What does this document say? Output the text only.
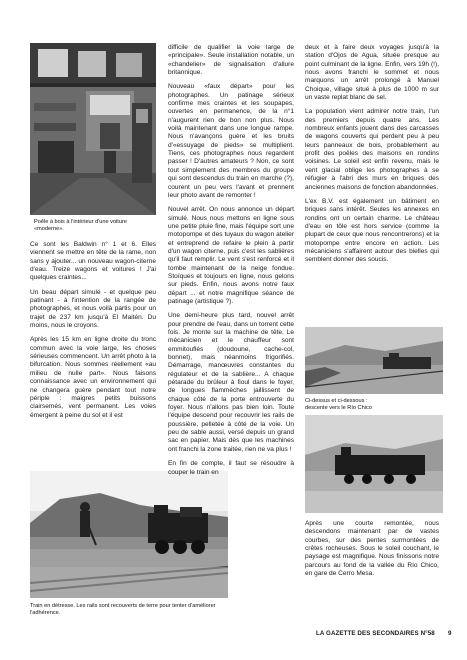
Poêle à bois à l'intérieur d'une voiture «moderne».

Ce sont les Baldwin n° 1 et 6. Elles viennent se mettre en tête de la rame, non sans y ajouter... un nouveau wagon-citerne d'eau. Treize wagons et voitures ! J'ai quelques craintes...

Un beau départ simulé - et quelque peu patinant - à l'intention de la rangée de photographes, et nous voilà partis pour un trajet de 237 km jusqu'à El Maitén. Du moins, nous le croyons.

Après les 15 km en ligne droite du tronc commun avec la voie large, les choses sérieuses commencent. Un arrêt photo à la bifurcation. Nous sommes réellement «au milieu de nulle part». Nous faisons connaissance avec un environnement qui ne changera guère pendant tout notre périple : maigres petits buissons clairsemés, vent permanent. Les voies émergent à peine du sol et il est

Train en détresse. Les rails sont recouverts de terre pour tenter d'améliorer l'adhérence.

difficile de qualifier la voie large de «principale». Seule installation notable, un «chandelier» de signalisation d'allure britannique.

Nouveau «faux départ» pour les photographes. Un patinage sérieux confirme mes craintes et les soupapes, ouvertes en permanence, de la n°1 n'augurent rien de bon non plus. Nous voilà maintenant dans une longue rampe. Nous n'avançons guère et les bruits d'«essuyage de pieds» se multiplient. Tiens, ces photographes nous regardent passer ! D'autres amateurs ? Non, ce sont tout simplement des membres du groupe qui sont descendus du train en marche (?), courent un peu vers l'avant et prennent leur photo avant de remonter !

Nouvel arrêt. On nous annonce un départ simulé. Nous nous mettons en ligne sous une petite pluie fine, mais l'équipe sort une motopompe et des tuyaux du wagon atelier et entreprend de refaire le plein à partir d'un wagon citerne, puis c'est les sablières qu'il faut remplir. Le vent s'est renforcé et il tombe maintenant de la neige fondue. Stoïques et toujours en ligne, nous gelons sur pieds. Enfin, nous avons notre faux départ ... et notre magnifique séance de patinage (artistique ?).

Une demi-heure plus tard, nouvel arrêt pour prendre de l'eau, dans un torrent cette fois. Je monte sur la machine de tête. Le mécanicien et le chauffeur sont emmitouflés (doudoune, cache-col, bonnet), mais néanmoins frigorifiés. Démarrage, manœuvres constantes du régulateur et de la sablière... A chaque pétarade du brûleur à fioul dans le foyer, de longues flammèches jaillissent de chaque côté de la porte entrouverte du foyer. Nous n'allons pas bien loin. Toute l'équipe descend pour recouvrir les rails de poussière, pelletée à côté de la voie. Un peu de sable aussi, versé depuis un grand sac en papier. Mais dès que les machines ont franchi la zone traitée, rien ne va plus !

En fin de compte, il faut se résoudre à couper le train en

deux et à faire deux voyages jusqu'à la station d'Ojos de Agua, située presque au point culminant de la ligne. Enfin, vers 19h (!), nous avons franchi le sommet et nous marquons un arrêt prolongé à Manuel Choique, village situé à plus de 1000 m sur un vaste replat blanc de sel.

La population vient admirer notre train, l'un des premiers depuis quatre ans. Les nombreux enfants jouent dans des carcasses de wagons couverts qui perdent peu à peu leurs panneaux de bois, probablement au profit des poêles des maisons en rondins voisines. Le soleil est enfin revenu, mais le vent glacial oblige les photographes à se réfugier à l'abri des murs en briques des anciennes maisons de fonction abandonnées.

L'ex B.V. est également un bâtiment en briques sans intérêt. Seules les annexes en rondins ont un certain charme. Le château d'eau en tôle est hors service (comme la plupart de ceux que nous rencontrerons) et la motopompe entre encore en action. Les mécaniciens s'affairent autour des bielles qui semblent donner des soucis.

Ci-dessus et ci-dessous : descente vers le Río Chico

Après une courte remontée, nous descendons maintenant par de vastes courbes, sur des pentes surmontées de crêtes rocheuses. Sous le soleil couchant, le paysage est magnifique. Nous finissons notre parcours au fond de la vallée du Río Chico, en gare de Cerro Mesa.

LA GAZETTE DES SECONDAIRES N°58 9
